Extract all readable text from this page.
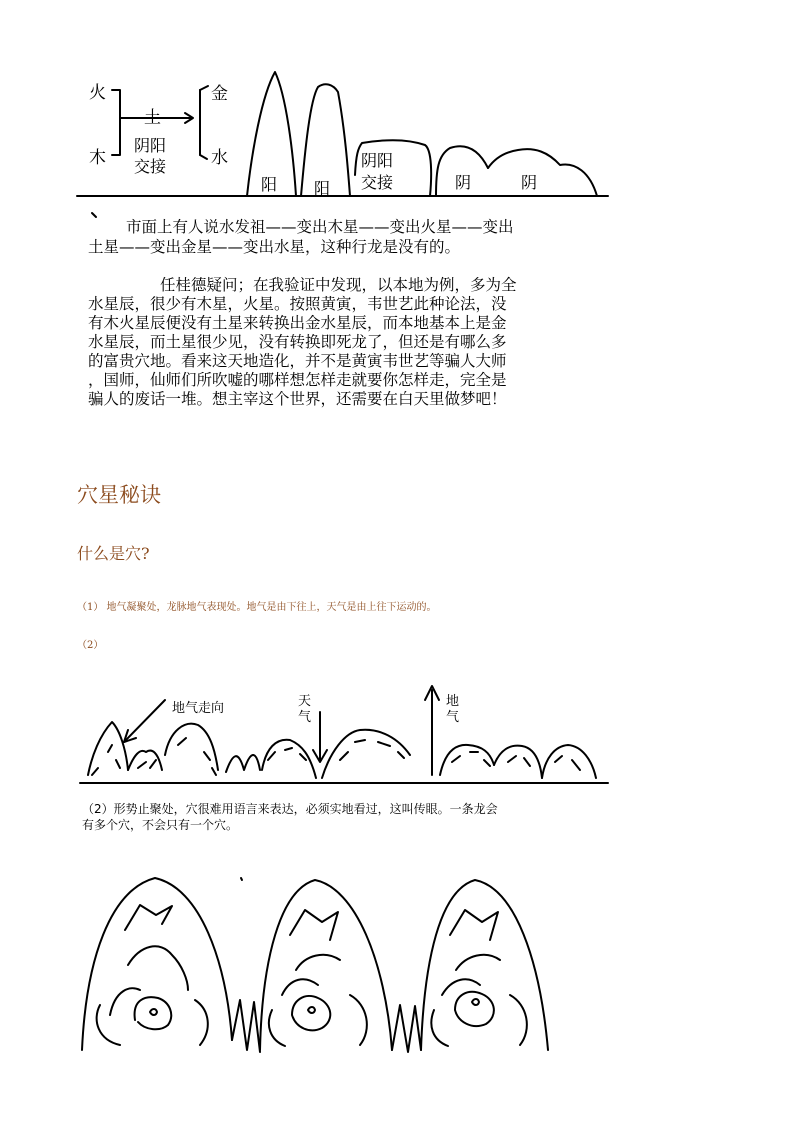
火
木
土
金
水
阴阳
交接
阳 阳
阴阳
交接	阴	阴
市面上有人说水发祖——变出木星——变出火星——变出
土星——变出金星——变出水星，这种行龙是没有的。
任桂德疑问；在我验证中发现，以本地为例，多为全
水星辰，很少有木星，火星。按照黄寅，韦世艺此种论法，没
有木火星辰便没有土星来转换出金水星辰，而本地基本上是金
水星辰，而土星很少见，没有转换即死龙了，但还是有哪么多
的富贵穴地。看来这天地造化，并不是黄寅韦世艺等骗人大师
，国师，仙师们所吹嘘的哪样想怎样走就要你怎样走，完全是
骗人的废话一堆。想主宰这个世界，还需要在白天里做梦吧！
穴星秘诀
什么是穴?
（1） 地气凝聚处，龙脉地气表现处。地气是由下往上，天气是由上往下运动的。
（2）
地气走向	天
气
地
气
（2）形势止聚处，穴很难用语言来表达，必须实地看过，这叫传眼。一条龙会
有多个穴，不会只有一个穴。
